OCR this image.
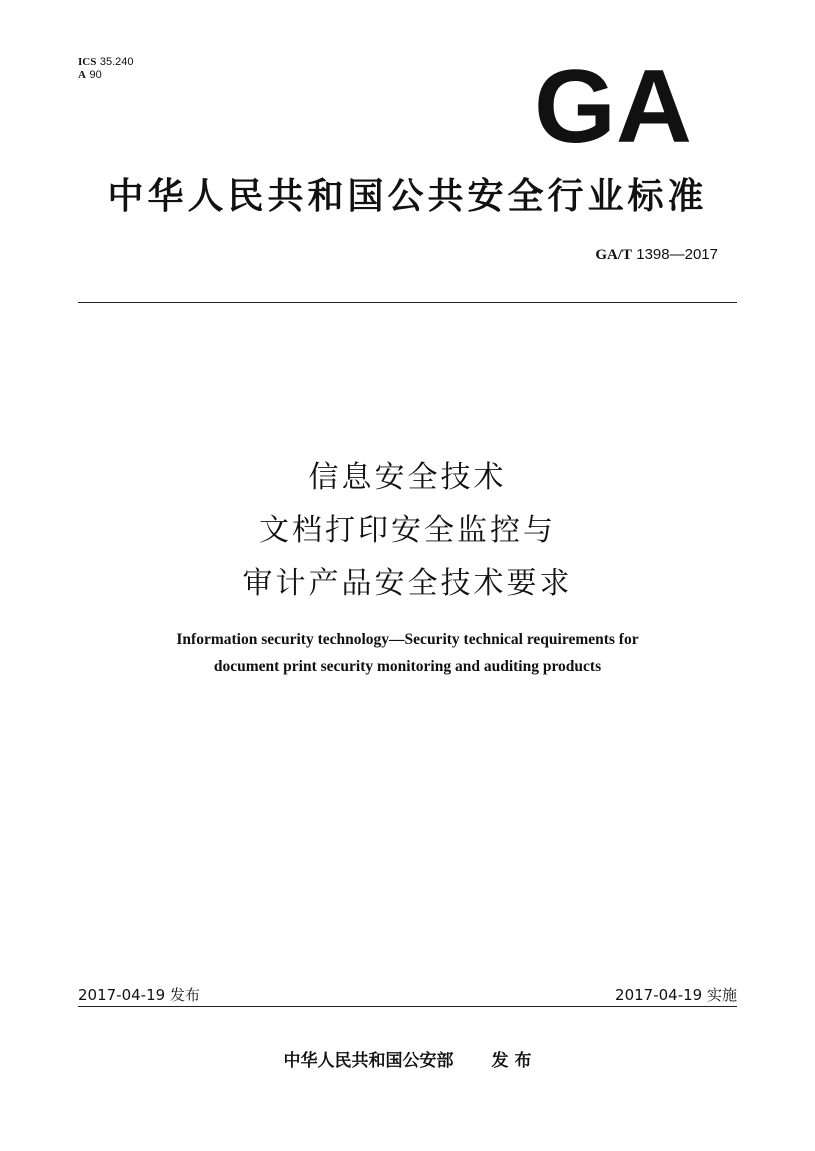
ICS 35.240
A 90	GA
中华人民共和国公共安全行业标准
GA/T 1398—2017
信息安全技术
文档打印安全监控与
审计产品安全技术要求
Information security technology—Security technical requirements for
document print security monitoring and auditing products
2017-04-19 发布	2017-04-19 实施
中华人民共和国公安部 发 布
